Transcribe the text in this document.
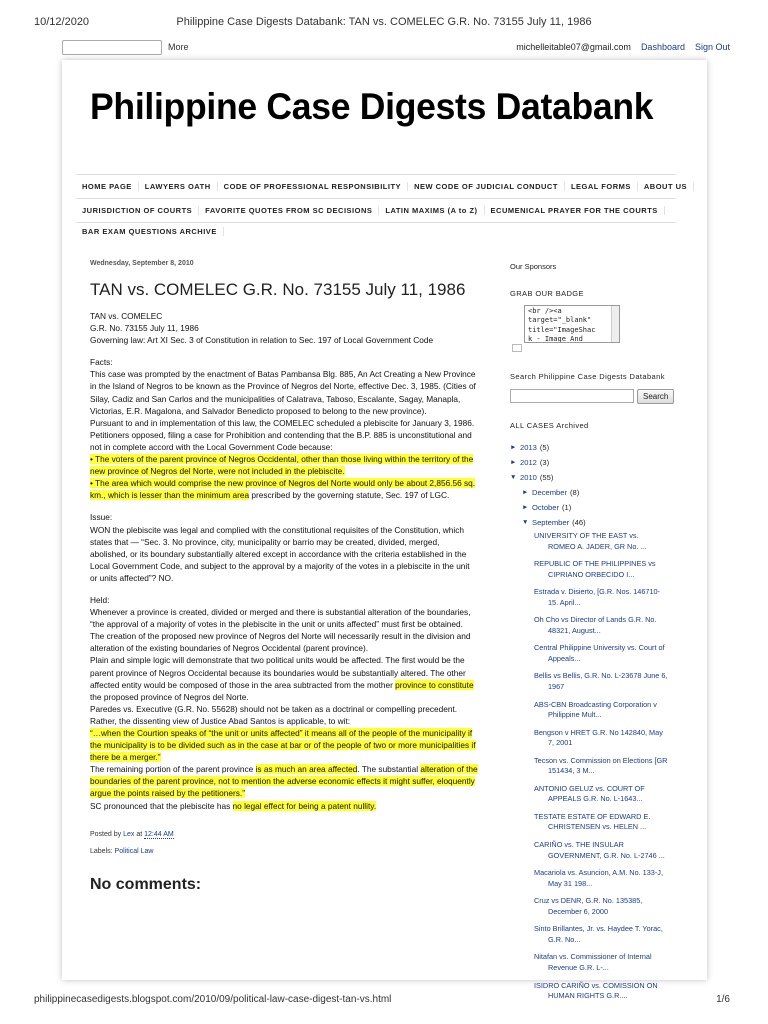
10/12/2020	Philippine Case Digests Databank: TAN vs. COMELEC G.R. No. 73155 July 11, 1986
More	michelleitable07@gmail.com Dashboard Sign Out
Philippine Case Digests Databank
HOME PAGE	LAWYERS OATH	CODE OF PROFESSIONAL RESPONSIBILITY	NEW CODE OF JUDICIAL CONDUCT	LEGAL FORMS	ABOUT US
JURISDICTION OF COURTS	FAVORITE QUOTES FROM SC DECISIONS	LATIN MAXIMS (A to Z)	ECUMENICAL PRAYER FOR THE COURTS
BAR EXAM QUESTIONS ARCHIVE
Wednesday, September 8, 2010
TAN vs. COMELEC G.R. No. 73155 July 11, 1986
TAN vs. COMELEC
G.R. No. 73155 July 11, 1986
Governing law: Art XI Sec. 3 of Constitution in relation to Sec. 197 of Local Government Code
Facts:
This case was prompted by the enactment of Batas Pambansa Blg. 885, An Act Creating a New Province in the Island of Negros to be known as the Province of Negros del Norte, effective Dec. 3, 1985. (Cities of Silay, Cadiz and San Carlos and the municipalities of Calatrava, Taboso, Escalante, Sagay, Manapla, Victorias, E.R. Magalona, and Salvador Benedicto proposed to belong to the new province).
Pursuant to and in implementation of this law, the COMELEC scheduled a plebiscite for January 3, 1986. Petitioners opposed, filing a case for Prohibition and contending that the B.P. 885 is unconstitutional and not in complete accord with the Local Government Code because:
• The voters of the parent province of Negros Occidental, other than those living within the territory of the new province of Negros del Norte, were not included in the plebiscite.
• The area which would comprise the new province of Negros del Norte would only be about 2,856.56 sq. km., which is lesser than the minimum area prescribed by the governing statute, Sec. 197 of LGC.
Issue:
WON the plebiscite was legal and complied with the constitutional requisites of the Constitution, which states that — “Sec. 3. No province, city, municipality or barrio may be created, divided, merged, abolished, or its boundary substantially altered except in accordance with the criteria established in the Local Government Code, and subject to the approval by a majority of the votes in a plebiscite in the unit or units affected”? NO.
Held:
Whenever a province is created, divided or merged and there is substantial alteration of the boundaries, “the approval of a majority of votes in the plebiscite in the unit or units affected” must first be obtained. The creation of the proposed new province of Negros del Norte will necessarily result in the division and alteration of the existing boundaries of Negros Occidental (parent province).
Plain and simple logic will demonstrate that two political units would be affected. The first would be the parent province of Negros Occidental because its boundaries would be substantially altered. The other affected entity would be composed of those in the area subtracted from the mother province to constitute the proposed province of Negros del Norte.
Paredes vs. Executive (G.R. No. 55628) should not be taken as a doctrinal or compelling precedent. Rather, the dissenting view of Justice Abad Santos is applicable, to wit:
“…when the Courtion speaks of “the unit or units affected” it means all of the people of the municipality if the municipality is to be divided such as in the case at bar or of the people of two or more municipalities if there be a merger.”
The remaining portion of the parent province is as much an area affected. The substantial alteration of the boundaries of the parent province, not to mention the adverse economic effects it might suffer, eloquently argue the points raised by the petitioners.”
SC pronounced that the plebiscite has no legal effect for being a patent nullity.
Posted by Lex at 12:44 AM
Labels: Political Law
No comments:
Our Sponsors
GRAB OUR BADGE
<br /><a
target="_blank"
title="ImageShac
k - Image And
Search Philippine Case Digests Databank
Search
ALL CASES Archived
► 2013 (5)
► 2012 (3)
▼ 2010 (55)
► December (8)
► October (1)
▼ September (46)
UNIVERSITY OF THE EAST vs.
ROMEO A. JADER, GR No. ...
REPUBLIC OF THE PHILIPPINES vs
CIPRIANO ORBECIDO I...
Estrada v. Disierto, [G.R. Nos. 146710-
15. April...
Oh Cho vs Director of Lands G.R. No.
48321, August...
Central Philippine University vs. Court of
Appeals...
Bellis vs Bellis, G.R. No. L-23678 June 6,
1967
ABS-CBN Broadcasting Corporation v
Philippine Mult...
Bengson v HRET G.R. No 142840, May
7, 2001
Tecson vs. Commission on Elections [GR
151434, 3 M...
ANTONIO GELUZ vs. COURT OF
APPEALS G.R. No. L-1643...
TESTATE ESTATE OF EDWARD E.
CHRISTENSEN vs. HELEN ...
CARIÑO vs. THE INSULAR
GOVERNMENT, G.R. No. L-2746 ...
Macariola vs. Asuncion, A.M. No. 133-J,
May 31 198...
Cruz vs DENR, G.R. No. 135385,
December 6, 2000
Sinto Brillantes, Jr. vs. Haydee T. Yorac,
G.R. No...
Nitafan vs. Commissioner of Internal
Revenue G.R. L-...
ISIDRO CARIÑO vs. COMISSION ON
HUMAN RIGHTS G.R....
philippinecasedigests.blogspot.com/2010/09/political-law-case-digest-tan-vs.html	1/6
